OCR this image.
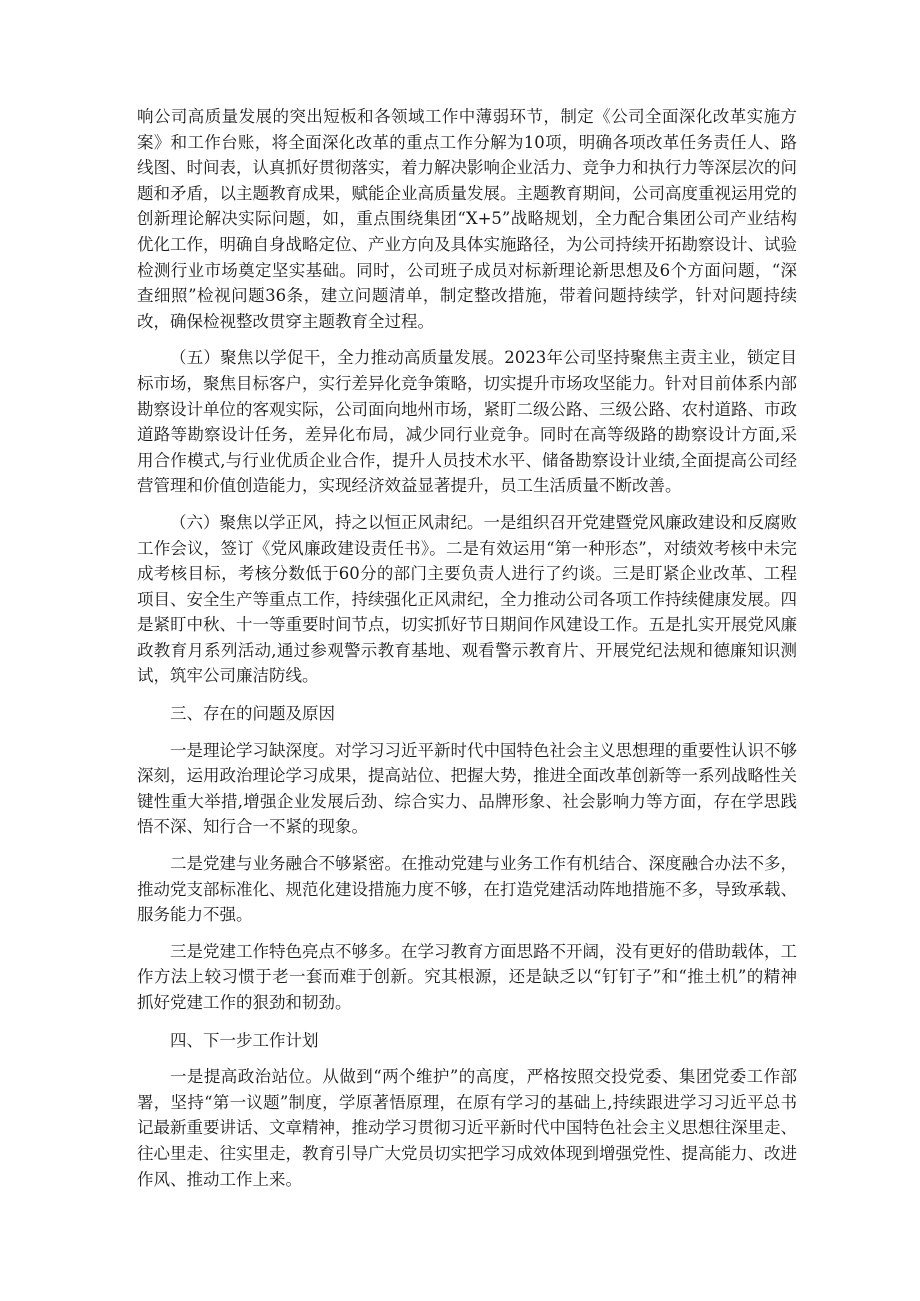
响公司高质量发展的突出短板和各领域工作中薄弱环节，制定《公司全面深化改革实施方案》和工作台账，将全面深化改革的重点工作分解为10项，明确各项改革任务责任人、路线图、时间表，认真抓好贯彻落实，着力解决影响企业活力、竞争力和执行力等深层次的问题和矛盾，以主题教育成果，赋能企业高质量发展。主题教育期间，公司高度重视运用党的创新理论解决实际问题，如，重点围绕集团“X+5”战略规划，全力配合集团公司产业结构优化工作，明确自身战略定位、产业方向及具体实施路径，为公司持续开拓勘察设计、试验检测行业市场奠定坚实基础。同时，公司班子成员对标新理论新思想及6个方面问题，“深查细照”检视问题36条，建立问题清单，制定整改措施，带着问题持续学，针对问题持续改，确保检视整改贯穿主题教育全过程。

（五）聚焦以学促干，全力推动高质量发展。2023年公司坚持聚焦主责主业，锁定目标市场，聚焦目标客户，实行差异化竞争策略，切实提升市场攻坚能力。针对目前体系内部勘察设计单位的客观实际，公司面向地州市场，紧盯二级公路、三级公路、农村道路、市政道路等勘察设计任务，差异化布局，减少同行业竞争。同时在高等级路的勘察设计方面,采用合作模式,与行业优质企业合作，提升人员技术水平、储备勘察设计业绩,全面提高公司经营管理和价值创造能力，实现经济效益显著提升，员工生活质量不断改善。

（六）聚焦以学正风，持之以恒正风肃纪。一是组织召开党建暨党风廉政建设和反腐败工作会议，签订《党风廉政建设责任书》。二是有效运用“第一种形态”，对绩效考核中未完成考核目标，考核分数低于60分的部门主要负责人进行了约谈。三是盯紧企业改革、工程项目、安全生产等重点工作，持续强化正风肃纪，全力推动公司各项工作持续健康发展。四是紧盯中秋、十一等重要时间节点，切实抓好节日期间作风建设工作。五是扎实开展党风廉政教育月系列活动,通过参观警示教育基地、观看警示教育片、开展党纪法规和德廉知识测试，筑牢公司廉洁防线。

三、存在的问题及原因

一是理论学习缺深度。对学习习近平新时代中国特色社会主义思想理的重要性认识不够深刻，运用政治理论学习成果，提高站位、把握大势，推进全面改革创新等一系列战略性关键性重大举措,增强企业发展后劲、综合实力、品牌形象、社会影响力等方面，存在学思践悟不深、知行合一不紧的现象。

二是党建与业务融合不够紧密。在推动党建与业务工作有机结合、深度融合办法不多，推动党支部标准化、规范化建设措施力度不够，在打造党建活动阵地措施不多，导致承载、服务能力不强。

三是党建工作特色亮点不够多。在学习教育方面思路不开阔，没有更好的借助载体，工作方法上较习惯于老一套而难于创新。究其根源，还是缺乏以“钉钉子”和“推土机”的精神抓好党建工作的狠劲和韧劲。

四、下一步工作计划

一是提高政治站位。从做到“两个维护”的高度，严格按照交投党委、集团党委工作部署，坚持“第一议题”制度，学原著悟原理，在原有学习的基础上,持续跟进学习习近平总书记最新重要讲话、文章精神，推动学习贯彻习近平新时代中国特色社会主义思想往深里走、往心里走、往实里走，教育引导广大党员切实把学习成效体现到增强党性、提高能力、改进作风、推动工作上来。
